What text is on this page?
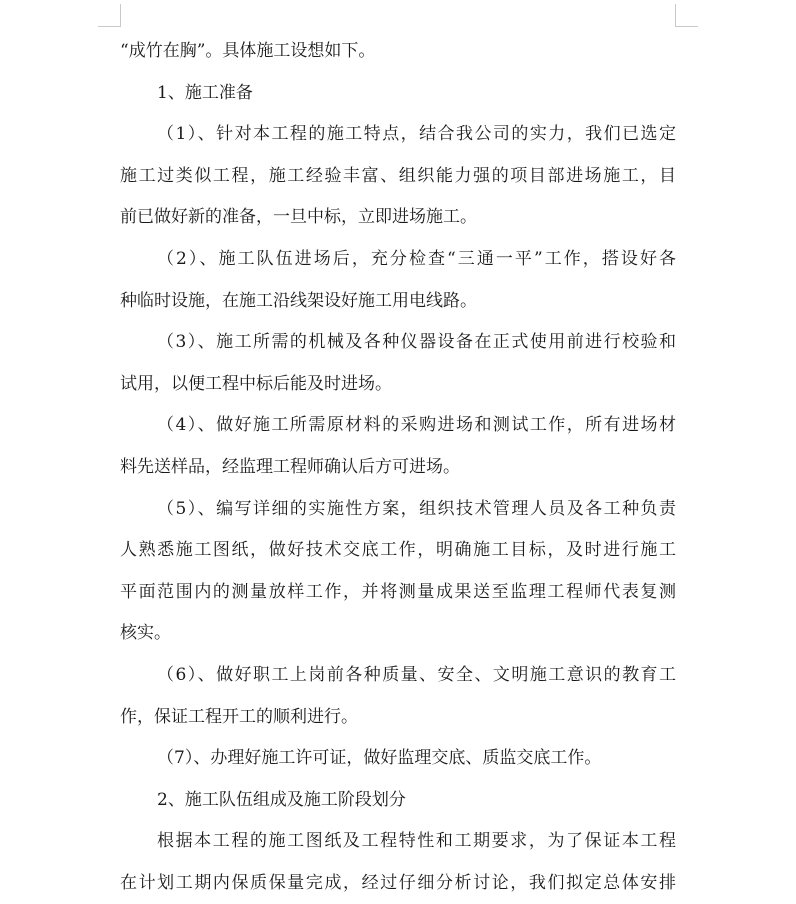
“成竹在胸”。具体施工设想如下。

1、施工准备

（1）、针对本工程的施工特点，结合我公司的实力，我们已选定

施工过类似工程，施工经验丰富、组织能力强的项目部进场施工，目

前已做好新的准备，一旦中标，立即进场施工。

（2）、施工队伍进场后，充分检查“三通一平”工作，搭设好各

种临时设施，在施工沿线架设好施工用电线路。

（3）、施工所需的机械及各种仪器设备在正式使用前进行校验和

试用，以便工程中标后能及时进场。

（4）、做好施工所需原材料的采购进场和测试工作，所有进场材

料先送样品，经监理工程师确认后方可进场。

（5）、编写详细的实施性方案，组织技术管理人员及各工种负责

人熟悉施工图纸，做好技术交底工作，明确施工目标，及时进行施工

平面范围内的测量放样工作，并将测量成果送至监理工程师代表复测

核实。

（6）、做好职工上岗前各种质量、安全、文明施工意识的教育工

作，保证工程开工的顺利进行。

（7）、办理好施工许可证，做好监理交底、质监交底工作。

2、施工队伍组成及施工阶段划分

根据本工程的施工图纸及工程特性和工期要求，为了保证本工程

在计划工期内保质保量完成，经过仔细分析讨论，我们拟定总体安排
